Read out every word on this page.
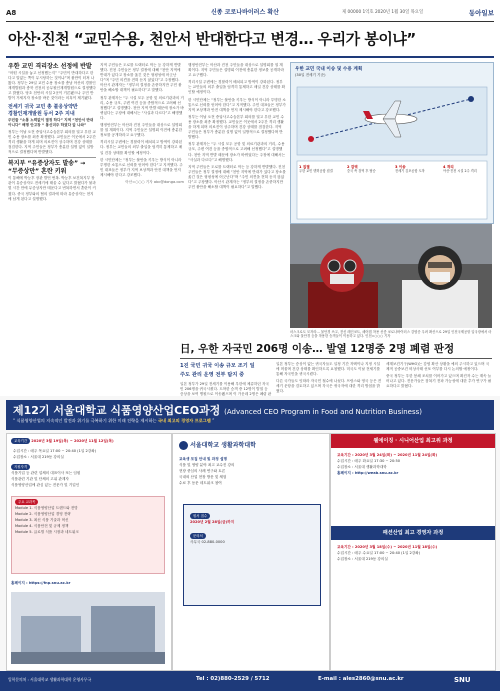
A8	신종 코로나바이러스 확산	제 00000 1억호 2020년 1월 30일 목요일	동아일보
아산·진천 “교민수용, 천안서 반대한다고 변경… 우리가 봉이냐”
우한 교민 격리장소 선정에 반발

“어떤 시설을 놓고 선정했는지” “주민이 반대하다고 한다고 말없는 쪽이 무시당하는 것이냐”며 불만이 터져 나왔다. 정부는 29일 교민 수용 장소를 충남 아산의 경찰인재개발원과 충북 진천의 공무원인재개발원으로 결정했다고 밝혔다. 당초 천안의 시설 2곳이 거론됐으나 주민 반발이 거세지자 장소를 바꾼 것이라는 의혹이 제기됐다.

전세기 귀국 교민 총 불응상약반
경찰인재개발원 등서 2주 지내

주민들 “소통 노력없이 결정 하다” 지역 “천안서 반대 아니다” 해명 안고장 “ 통신미주 하였다 앞 나와”

정부는 이날 오전 중앙사고수습본부 회의를 열고 우한 교민 수용 장소를 최종 확정했다. 교민들은 이곳에서 2주간 격리 생활을 하게 되며 의료진이 상주하며 건강 상태를 점검한다. 지역 주민들은 정부가 충분한 설명 없이 일방적으로 결정했다며 반발했다.

복지부 “유증상자도 발송” → “무증상만” 혼란 키워

이 통해에 박능후 장관 발언 번복. 박능후 보건복지부 장관이 유증상자도 전세기에 태울 수 있다고 밝혔다가 불과 몇 시간 만에 무증상자만 태운다고 번복하면서 혼란이 커졌다. 중국 정부와의 협의 결과에 따라 유증상자는 현지에 남게 된다고 설명했다.

지역 주민들은 도로를 트랙터로 막는 등 강하게 반발했다. 진천 주민들은 정부 결정에 대해 “천안 지역에 반대가 있다고 장소를 옮긴 것은 형평성에 어긋난다”며 “주민 의견을 전혀 듣지 않았다”고 주장했다. 아산시 관계자는 “정부의 결정을 존중하지만 주민 불안을 해소할 대책이 필요하다”고 말했다.

정부 관계자는 “두 시설 모두 공항 및 의료기관과의 거리, 수용 규모, 주변 여건 등을 종합적으로 고려해 선정했다”고 설명했다. 천안 지역 반발 때문에 장소가 바뀌었다는 주장에 대해서는 “사실과 다르다”고 해명했다.

행정안전부는 아산과 진천 주민들을 대상으로 설명회를 열 계획이다. 지역 주민들은 설명회 이전에 충분한 정보를 공개하라고 요구했다.

격리시설 주변에는 경찰력이 배치되고 방역이 강화된다. 정부는 교민들의 외부 출입을 엄격히 통제하고 매일 건강 상태를 확인할 예정이다.

한 시민단체는 “정부는 불안을 키우는 방식이 아니라 투명한 소통으로 신뢰를 얻어야 한다”고 지적했다. 주민 대표들은 정부가 지역 보상책과 안전 대책을 먼저 제시해야 한다고 강조했다.

아산=○○○ 기자 abc@donga.com

행정안전부는 아산과 진천 주민들을 대상으로 설명회를 열 계획이다. 지역 주민들은 설명회 이전에 충분한 정보를 공개하라고 요구했다.

격리시설 주변에는 경찰력이 배치되고 방역이 강화된다. 정부는 교민들의 외부 출입을 엄격히 통제하고 매일 건강 상태를 확인할 예정이다.

한 시민단체는 “정부는 불안을 키우는 방식이 아니라 투명한 소통으로 신뢰를 얻어야 한다”고 지적했다. 주민 대표들은 정부가 지역 보상책과 안전 대책을 먼저 제시해야 한다고 강조했다.

정부는 이날 오전 중앙사고수습본부 회의를 열고 우한 교민 수용 장소를 최종 확정했다. 교민들은 이곳에서 2주간 격리 생활을 하게 되며 의료진이 상주하며 건강 상태를 점검한다. 지역 주민들은 정부가 충분한 설명 없이 일방적으로 결정했다며 반발했다.

정부 관계자는 “두 시설 모두 공항 및 의료기관과의 거리, 수용 규모, 주변 여건 등을 종합적으로 고려해 선정했다”고 설명했다. 천안 지역 반발 때문에 장소가 바뀌었다는 주장에 대해서는 “사실과 다르다”고 해명했다.

지역 주민들은 도로를 트랙터로 막는 등 강하게 반발했다. 진천 주민들은 정부 결정에 대해 “천안 지역에 반대가 있다고 장소를 옮긴 것은 형평성에 어긋난다”며 “주민 의견을 전혀 듣지 않았다”고 주장했다. 아산시 관계자는 “정부의 결정을 존중하지만 주민 불안을 해소할 대책이 필요하다”고 말했다.

우한 교민 국내 이송 및 수용 계획
(30일 전세기 기준)
1 집결
우한 교민 톈허공항 집결
2 검역
중국 측 검역 후 탑승
3 이송
전세기 김포공항 도착
4 격리
아산·진천 시설 2주 격리
마스크로도 모자라… 물안경 쓰고, 전신 레인코트, 헤어캡 착용 신종 코로나바이러스 감염증 우려 확산으로 29일 인천국제공항 입국장에서 마스크와 물안경 등을 착용한 승객들이 이동하고 있다. 인천=○○○ 기자
日, 우한 자국민 206명 이송… 발열 12명중 2명 폐렴 판정
1진 국민 귀국 이송 규모 조기 일
주도 관리 운영 전부 탐지 중

일본 정부가 29일 전세기를 이용해 우한에 체류하던 자국민 206명을 귀국시켰다. 도착한 승객 중 12명이 발열 등 증상을 보여 병원으로 이송됐으며 이 가운데 2명은 폐렴 판

일본 정부는 증상이 없는 귀국자들도 일정 기간 자택이나 지정 시설에 머물며 건강 상태를 확인하도록 요청했다. 미국도 이날 전세기를 통해 자국민을 귀국시켰다.

다른 국가들도 잇따라 자국민 철수에 나섰다. 프랑스와 영국 등은 전세기 운항을 검토하고 있으며 각국은 귀국자에 대한 격리 방침을 밝혔다.

세계보건기구(WHO)는 감염 확산 상황을 예의 주시하고 있으며 국제적 공중보건 비상사태 선포 여부를 다시 논의할 예정이다.

중국 정부는 우한 봉쇄 조치를 이어가고 있으며 확진자 수는 계속 늘어나고 있다. 전문가들은 잠복기 전파 가능성에 대한 추가 연구가 필요하다고 밝혔다.

제12기 서울대학교 식품영양산업CEO과정 (Advanced CEO Program in Food and Nutrition Business)
“ 식품영양산업의 지속적인 발전과 위기를 극복하기 위한 미래 전략을 제시하는 국내 최고의 경영자 프로그램 ”
교육기간 2020년 3월 19일(목) ~ 2020년 11월 12일(목)
수업시간 : 매주 목요일 17:00 ~ 20:40 (1일 2강좌)
수업장소 : 서울대 219동 강의실
지원자격
식품기업 등 관련 업체의 대표이사 또는 임원
식품관련 기관 및 단체의 고위 관계자
식품영양산업에 관심 있는 전문가 및 기업인
주요 교과목
Module 1. 식품영양산업 트렌드와 전망
Module 2. 식품영양산업 경영 전략
Module 3. 최신 식품 기술과 혁신
Module 4. 식품안전 및 규제 정책
Module 5. 글로벌 식품 시장과 네트워크
홈페이지 : https://fnp.snu.ac.kr
서울대학교 생활과학대학
교육생 모집 안내 및 과정 설명
식품 및 영양 분야 최고 교수진 강의
현장 중심의 사례 연구와 토론
국내외 산업 현장 방문 및 체험
수료 후 동문 네트워크 참여
원서 접수
2020년 2월 28일(금)까지
문의처
사무국 02-880-0000
웰에이징 · 시니어산업 최고위 과정
교육기간 : 2020년 3월 24일(화) ~ 2020년 11월 24일(화)
수업시간 : 매주 화요일 17:30 ~ 20:50
수업장소 : 서울대 생활과학대학
홈페이지 : http://weab.snu.ac.kr
패션산업 최고 경영자 과정
교육기간 : 2020년 3월 18일(수) ~ 2020년 11월 18일(수)
수업시간 : 매주 수요일 17:00 ~ 20:40 (1일 2강좌)
수업장소 : 서울대 219동 강의실
입학문의처 : 서울대학교 생활과학대학 운영사무국	Tel : 02)880-2529 / 5712	E-mail : ales2860@snu.ac.kr	SNU
